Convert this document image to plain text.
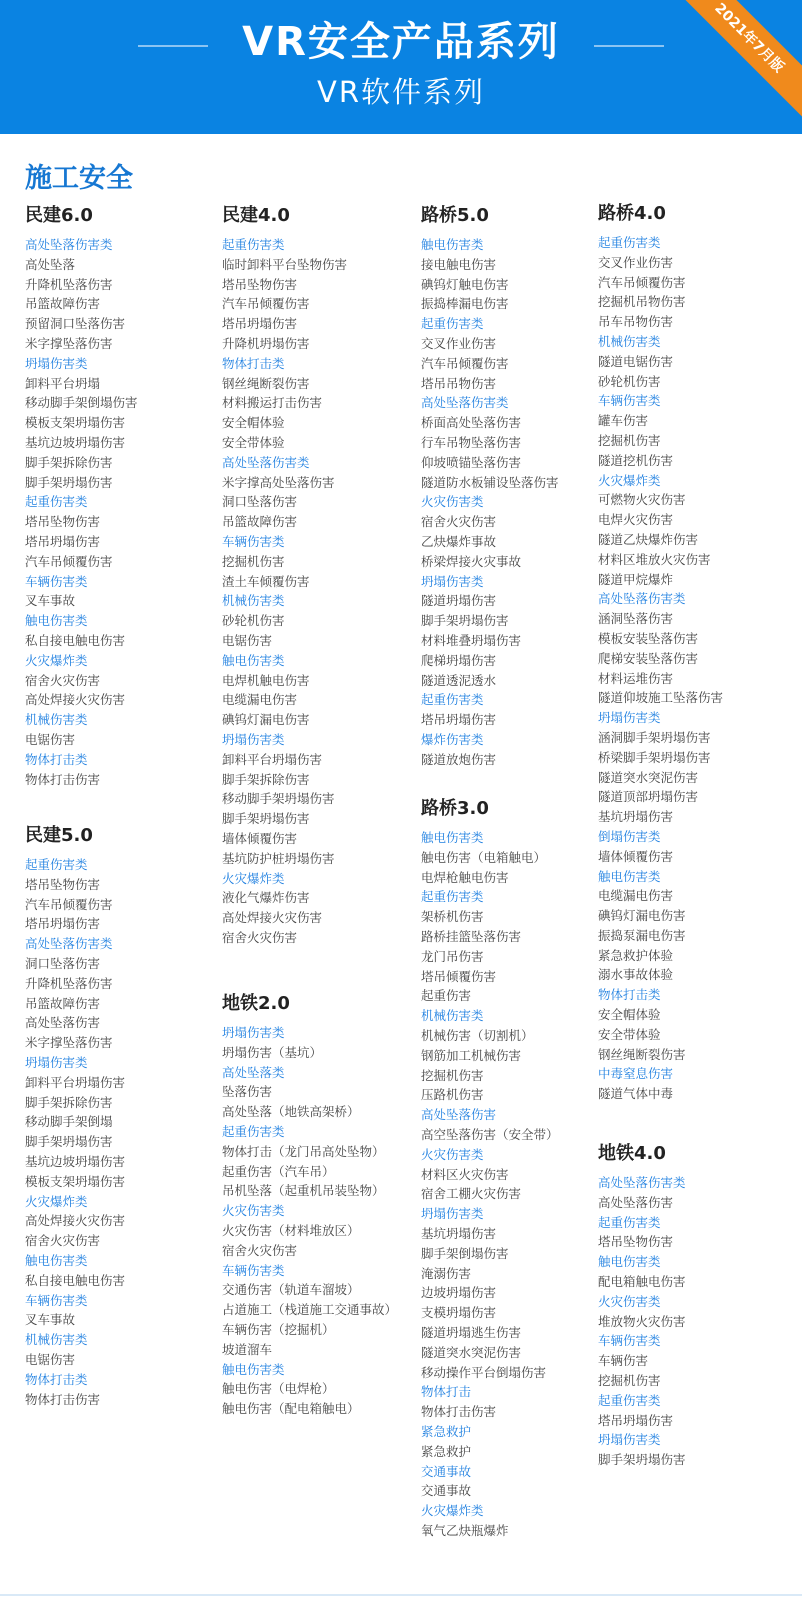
VR安全产品系列
VR软件系列
2021年7月版
施工安全
民建6.0
高处坠落伤害类
高处坠落
升降机坠落伤害
吊篮故障伤害
预留洞口坠落伤害
米字撑坠落伤害
坍塌伤害类
卸料平台坍塌
移动脚手架倒塌伤害
模板支架坍塌伤害
基坑边坡坍塌伤害
脚手架拆除伤害
脚手架坍塌伤害
起重伤害类
塔吊坠物伤害
塔吊坍塌伤害
汽车吊倾覆伤害
车辆伤害类
叉车事故
触电伤害类
私自接电触电伤害
火灾爆炸类
宿舍火灾伤害
高处焊接火灾伤害
机械伤害类
电锯伤害
物体打击类
物体打击伤害
民建5.0
起重伤害类
塔吊坠物伤害
汽车吊倾覆伤害
塔吊坍塌伤害
高处坠落伤害类
洞口坠落伤害
升降机坠落伤害
吊篮故障伤害
高处坠落伤害
米字撑坠落伤害
坍塌伤害类
卸料平台坍塌伤害
脚手架拆除伤害
移动脚手架倒塌
脚手架坍塌伤害
基坑边坡坍塌伤害
模板支架坍塌伤害
火灾爆炸类
高处焊接火灾伤害
宿舍火灾伤害
触电伤害类
私自接电触电伤害
车辆伤害类
叉车事故
机械伤害类
电锯伤害
物体打击类
物体打击伤害
民建4.0
起重伤害类
临时卸料平台坠物伤害
塔吊坠物伤害
汽车吊倾覆伤害
塔吊坍塌伤害
升降机坍塌伤害
物体打击类
钢丝绳断裂伤害
材料搬运打击伤害
安全帽体验
安全带体验
高处坠落伤害类
米字撑高处坠落伤害
洞口坠落伤害
吊篮故障伤害
车辆伤害类
挖掘机伤害
渣土车倾覆伤害
机械伤害类
砂轮机伤害
电锯伤害
触电伤害类
电焊机触电伤害
电缆漏电伤害
碘钨灯漏电伤害
坍塌伤害类
卸料平台坍塌伤害
脚手架拆除伤害
移动脚手架坍塌伤害
脚手架坍塌伤害
墙体倾覆伤害
基坑防护桩坍塌伤害
火灾爆炸类
液化气爆炸伤害
高处焊接火灾伤害
宿舍火灾伤害
地铁2.0
坍塌伤害类
坍塌伤害（基坑）
高处坠落类
坠落伤害
高处坠落（地铁高架桥）
起重伤害类
物体打击（龙门吊高处坠物）
起重伤害（汽车吊）
吊机坠落（起重机吊装坠物）
火灾伤害类
火灾伤害（材料堆放区）
宿舍火灾伤害
车辆伤害类
交通伤害（轨道车溜坡）
占道施工（栈道施工交通事故）
车辆伤害（挖掘机）
坡道溜车
触电伤害类
触电伤害（电焊枪）
触电伤害（配电箱触电）
路桥5.0
触电伤害类
接电触电伤害
碘钨灯触电伤害
振捣棒漏电伤害
起重伤害类
交叉作业伤害
汽车吊倾覆伤害
塔吊吊物伤害
高处坠落伤害类
桥面高处坠落伤害
行车吊物坠落伤害
仰坡喷锚坠落伤害
隧道防水板铺设坠落伤害
火灾伤害类
宿舍火灾伤害
乙炔爆炸事故
桥梁焊接火灾事故
坍塌伤害类
隧道坍塌伤害
脚手架坍塌伤害
材料堆叠坍塌伤害
爬梯坍塌伤害
隧道透泥透水
起重伤害类
塔吊坍塌伤害
爆炸伤害类
隧道放炮伤害
路桥3.0
触电伤害类
触电伤害（电箱触电）
电焊枪触电伤害
起重伤害类
架桥机伤害
路桥挂篮坠落伤害
龙门吊伤害
塔吊倾覆伤害
起重伤害
机械伤害类
机械伤害（切割机）
钢筋加工机械伤害
挖掘机伤害
压路机伤害
高处坠落伤害
高空坠落伤害（安全带）
火灾伤害类
材料区火灾伤害
宿舍工棚火灾伤害
坍塌伤害类
基坑坍塌伤害
脚手架倒塌伤害
淹溺伤害
边坡坍塌伤害
支模坍塌伤害
隧道坍塌逃生伤害
隧道突水突泥伤害
移动操作平台倒塌伤害
物体打击
物体打击伤害
紧急救护
紧急救护
交通事故
交通事故
火灾爆炸类
氧气乙炔瓶爆炸
路桥4.0
起重伤害类
交叉作业伤害
汽车吊倾覆伤害
挖掘机吊物伤害
吊车吊物伤害
机械伤害类
隧道电锯伤害
砂轮机伤害
车辆伤害类
罐车伤害
挖掘机伤害
隧道挖机伤害
火灾爆炸类
可燃物火灾伤害
电焊火灾伤害
隧道乙炔爆炸伤害
材料区堆放火灾伤害
隧道甲烷爆炸
高处坠落伤害类
涵洞坠落伤害
模板安装坠落伤害
爬梯安装坠落伤害
材料运堆伤害
隧道仰坡施工坠落伤害
坍塌伤害类
涵洞脚手架坍塌伤害
桥梁脚手架坍塌伤害
隧道突水突泥伤害
隧道顶部坍塌伤害
基坑坍塌伤害
倒塌伤害类
墙体倾覆伤害
触电伤害类
电缆漏电伤害
碘钨灯漏电伤害
振捣泵漏电伤害
紧急救护体验
溺水事故体验
物体打击类
安全帽体验
安全带体验
钢丝绳断裂伤害
中毒窒息伤害
隧道气体中毒
地铁4.0
高处坠落伤害类
高处坠落伤害
起重伤害类
塔吊坠物伤害
触电伤害类
配电箱触电伤害
火灾伤害类
堆放物火灾伤害
车辆伤害类
车辆伤害
挖掘机伤害
起重伤害类
塔吊坍塌伤害
坍塌伤害类
脚手架坍塌伤害
